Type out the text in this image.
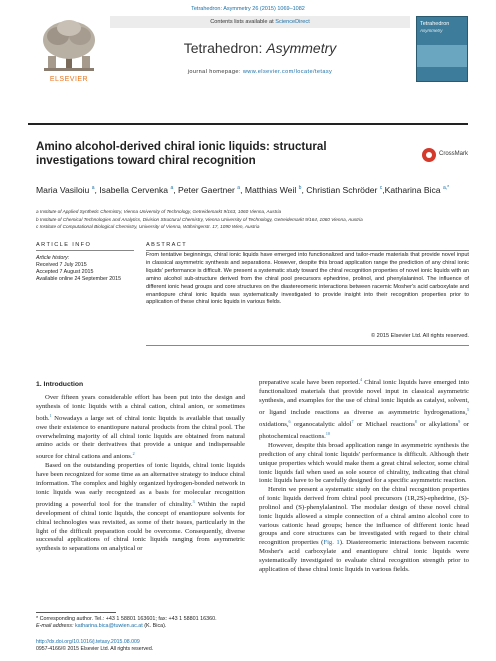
Tetrahedron: Asymmetry 26 (2015) 1069–1082
ELSEVIER
Contents lists available at ScienceDirect
Tetrahedron: Asymmetry
journal homepage: www.elsevier.com/locate/tetasy
Tetrahedron
Asymmetry
Amino alcohol-derived chiral ionic liquids: structural investigations toward chiral recognition	CrossMark
Maria Vasiloiu $^a$, Isabella Cervenka $^a$, Peter Gaertner $^a$, Matthias Weil $^b$, Christian Schröder $^c$,Katharina Bica $^{a,*}$
a Institute of Applied Synthetic Chemistry, Vienna University of Technology, Getreidemarkt 9/163, 1060 Vienna, Austria
b Institute of Chemical Technologies and Analytics, Division Structural Chemistry, Vienna University of Technology, Getreidemarkt 9/164, 1060 Vienna, Austria
c Institute of Computational Biological Chemistry, University of Vienna, Währingerstr. 17, 1090 Wien, Austria
ARTICLE INFO
Article history:
Received 7 July 2015
Accepted 7 August 2015
Available online 24 September 2015
ABSTRACT
From tentative beginnings, chiral ionic liquids have emerged into functionalized and tailor-made materials that provide novel input in classical asymmetric synthesis and separations. However, despite this broad application range the prediction of any chiral ionic liquids' performance is difficult. We present a systematic study toward the chiral recognition properties of novel ionic liquids with an amino alcohol sub-structure derived from the chiral pool precursors ephedrine, prolinol, and phenylalaninol. The influence of different ionic head groups and core structures on the diastereomeric interactions between racemic Mosher's acid carboxylate and enantiopure chiral ionic liquids was systematically investigated to provide insight into their recognition properties prior to application of these chiral ionic liquids in various fields.
© 2015 Elsevier Ltd. All rights reserved.
1. Introduction

Over fifteen years considerable effort has been put into the design and synthesis of ionic liquids with a chiral cation, chiral anion, or sometimes both.$^1$ Nowadays a large set of chiral ionic liquids is available that usually owe their existence to enantiopure natural products from the chiral pool. The overwhelming majority of all chiral ionic liquids are obtained from natural amino acids or their derivatives that provide a unique and indispensable source for chiral cations and anions.$^2$

Based on the outstanding properties of ionic liquids, chiral ionic liquids have been recognized for some time as an alternative strategy to induce chiral information. The complex and highly organized hydrogen-bonded network in ionic liquids was early recognized as a basis for molecular recognition providing a powerful tool for the transfer of chirality.$^3$ Within the rapid development of chiral ionic liquids, the concept of enantiopure solvents for chiral technologies was revisited, as some of their issues, particularly in the light of the difficult preparation could be overcome. Consequently, diverse successful applications of chiral ionic liquids ranging from asymmetric synthesis to separations on analytical or

preparative scale have been reported.$^4$ Chiral ionic liquids have emerged into functionalized materials that provide novel input in classical asymmetric synthesis, and examples for the use of chiral ionic liquids as catalyst, solvent, or ligand include reactions as diverse as asymmetric hydrogenations,$^5$ oxidations,$^6$ organocatalytic aldol$^7$ or Michael reactions$^8$ or alkylations$^9$ or photochemical reactions.$^{10}$

However, despite this broad application range in asymmetric synthesis the prediction of any chiral ionic liquids' performance is difficult. Although their unique properties which would make them a great chiral selector, some chiral ionic liquids fail when used as sole source of chirality, indicating that chiral ionic liquids have to be carefully designed for a specific asymmetric reaction.

Herein we present a systematic study on the chiral recognition properties of ionic liquids derived from chiral pool precursors (1R,2S)-ephedrine, (S)-prolinol and (S)-phenylalaninol. The modular design of these novel chiral ionic liquids allowed a simple connection of a chiral amino alcohol core to various cationic head groups; hence the influence of different ionic head groups and core structures can be investigated with regard to their chiral recognition properties (Fig. 1). Diastereomeric interactions between racemic Mosher's acid carboxylate and enantiopure chiral ionic liquids were systematically investigated to evaluate chiral recognition strength prior to application of these chiral ionic liquids in various fields.

* Corresponding author. Tel.: +43 1 58801 163601; fax: +43 1 58801 16360.
E-mail address: katharina.bica@tuwien.ac.at (K. Bica).
http://dx.doi.org/10.1016/j.tetasy.2015.08.009
0957-4166/© 2015 Elsevier Ltd. All rights reserved.
